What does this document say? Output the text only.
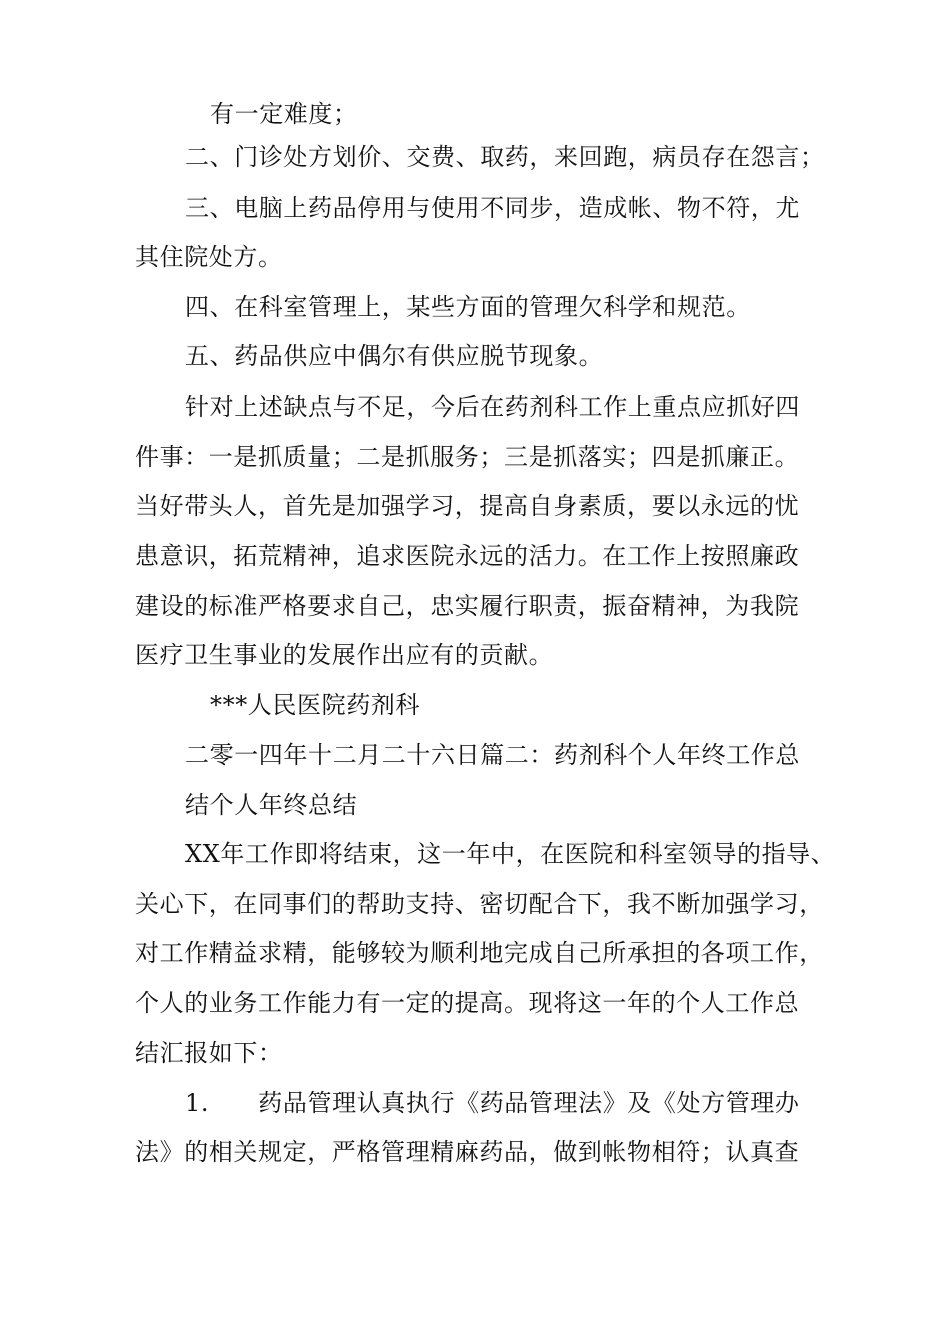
有一定难度；
二、门诊处方划价、交费、取药，来回跑，病员存在怨言；
三、电脑上药品停用与使用不同步，造成帐、物不符，尤
其住院处方。
四、在科室管理上，某些方面的管理欠科学和规范。
五、药品供应中偶尔有供应脱节现象。
针对上述缺点与不足，今后在药剂科工作上重点应抓好四
件事：一是抓质量；二是抓服务；三是抓落实；四是抓廉正。
当好带头人，首先是加强学习，提高自身素质，要以永远的忧
患意识，拓荒精神，追求医院永远的活力。在工作上按照廉政
建设的标准严格要求自己，忠实履行职责，振奋精神，为我院
医疗卫生事业的发展作出应有的贡献。
***人民医院药剂科
二零一四年十二月二十六日篇二：药剂科个人年终工作总
结个人年终总结
XX年工作即将结束，这一年中，在医院和科室领导的指导、
关心下，在同事们的帮助支持、密切配合下，我不断加强学习，
对工作精益求精，能够较为顺利地完成自己所承担的各项工作，
个人的业务工作能力有一定的提高。现将这一年的个人工作总
结汇报如下：
1.　　药品管理认真执行《药品管理法》及《处方管理办
法》的相关规定，严格管理精麻药品，做到帐物相符；认真查
